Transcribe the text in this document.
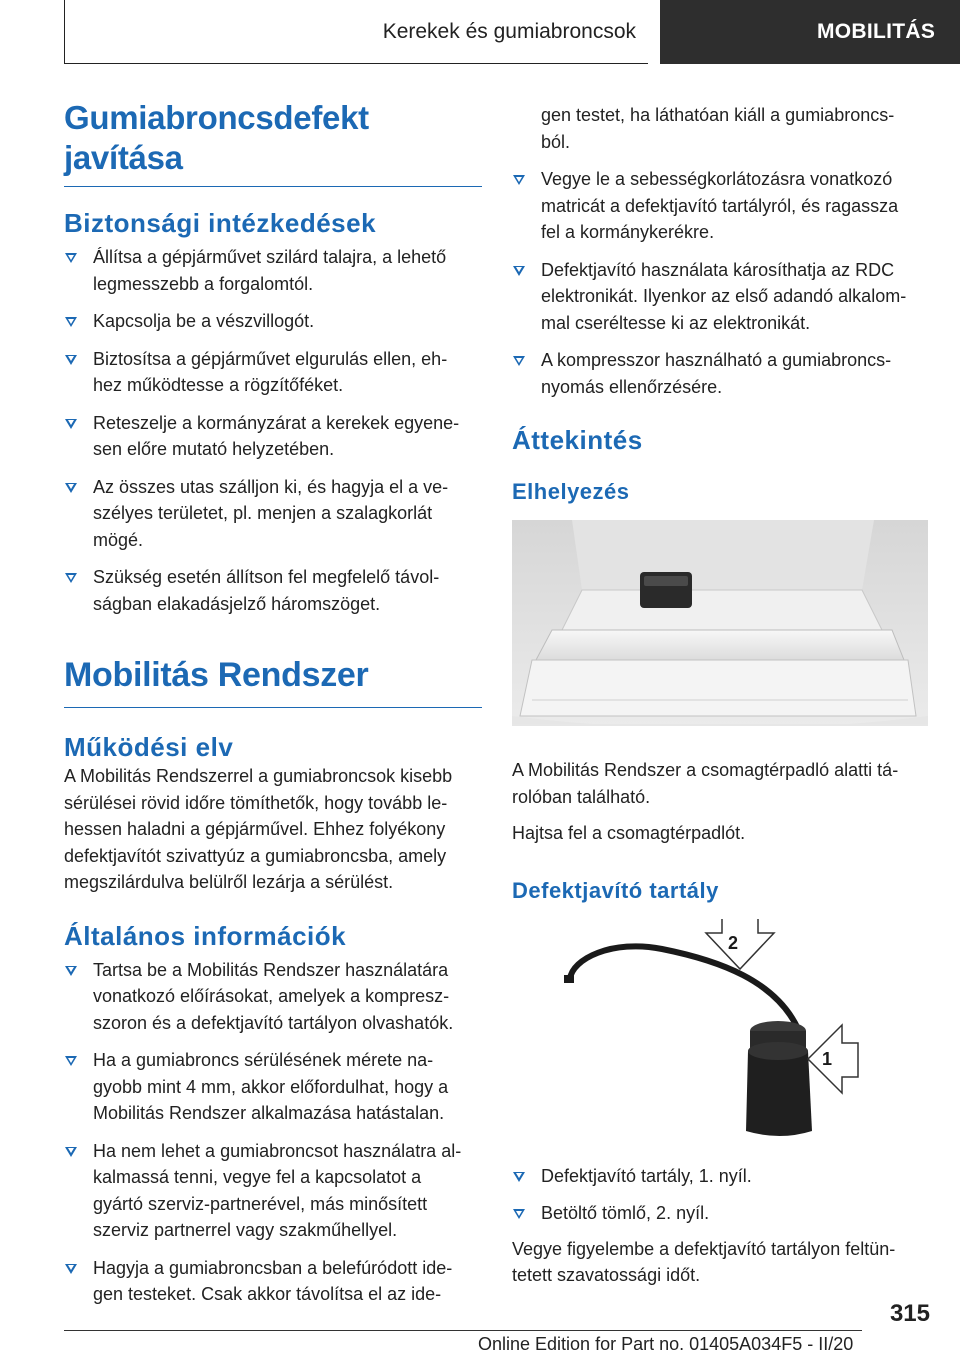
Kerekek és gumiabroncsok	MOBILITÁS
Gumiabroncsdefekt
javítása
Biztonsági intézkedések
Állítsa a gépjárművet szilárd talajra, a lehető
legmesszebb a forgalomtól.
Kapcsolja be a vészvillogót.
Biztosítsa a gépjárművet elgurulás ellen, eh-
hez működtesse a rögzítőféket.
Reteszelje a kormányzárat a kerekek egyene-
sen előre mutató helyzetében.
Az összes utas szálljon ki, és hagyja el a ve-
szélyes területet, pl. menjen a szalagkorlát
mögé.
Szükség esetén állítson fel megfelelő távol-
ságban elakadásjelző háromszöget.
Mobilitás Rendszer
Működési elv

A Mobilitás Rendszerrel a gumiabroncsok kisebb
sérülései rövid időre tömíthetők, hogy tovább le-
hessen haladni a gépjárművel. Ehhez folyékony
defektjavítót szivattyúz a gumiabroncsba, amely
megszilárdulva belülről lezárja a sérülést.

Általános információk
Tartsa be a Mobilitás Rendszer használatára
vonatkozó előírásokat, amelyek a kompresz-
szoron és a defektjavító tartályon olvashatók.
Ha a gumiabroncs sérülésének mérete na-
gyobb mint 4 mm, akkor előfordulhat, hogy a
Mobilitás Rendszer alkalmazása hatástalan.
Ha nem lehet a gumiabroncsot használatra al-
kalmassá tenni, vegye fel a kapcsolatot a
gyártó szerviz-partnerével, más minősített
szerviz partnerrel vagy szakműhellyel.
Hagyja a gumiabroncsban a belefúródott ide-
gen testeket. Csak akkor távolítsa el az ide-

gen testet, ha láthatóan kiáll a gumiabroncs-
ból.

Vegye le a sebességkorlátozásra vonatkozó
matricát a defektjavító tartályról, és ragassza
fel a kormánykerékre.
Defektjavító használata károsíthatja az RDC
elektronikát. Ilyenkor az első adandó alkalom-
mal cseréltesse ki az elektronikát.
A kompresszor használható a gumiabroncs-
nyomás ellenőrzésére.
Áttekintés
Elhelyezés

A Mobilitás Rendszer a csomagtérpadló alatti tá-
rolóban található.

Hajtsa fel a csomagtérpadlót.

Defektjavító tartály
2
1
Defektjavító tartály, 1. nyíl.
Betöltő tömlő, 2. nyíl.

Vegye figyelembe a defektjavító tartályon feltün-
tetett szavatossági időt.

315
Online Edition for Part no. 01405A034F5 - II/20
